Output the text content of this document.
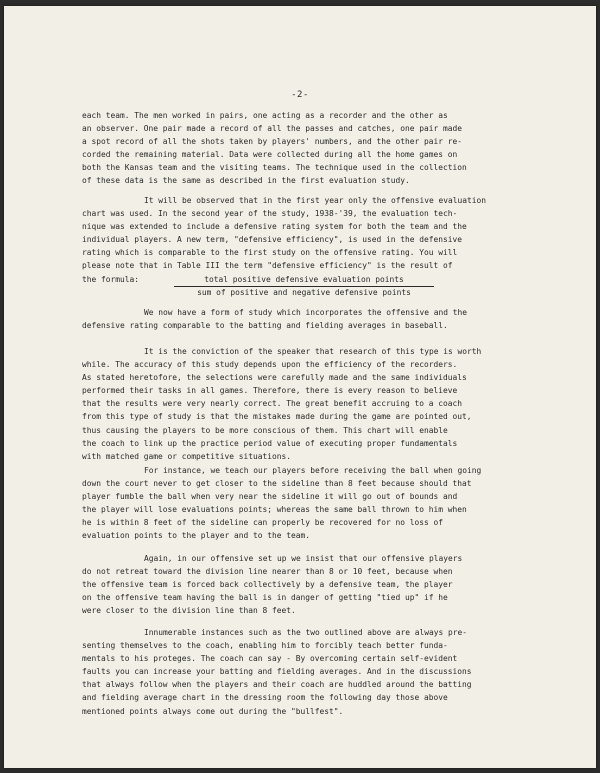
-2-
each team. The men worked in pairs, one acting as a recorder and the other as
an observer. One pair made a record of all the passes and catches, one pair made
a spot record of all the shots taken by players' numbers, and the other pair re-
corded the remaining material. Data were collected during all the home games on
both the Kansas team and the visiting teams. The technique used in the collection
of these data is the same as described in the first evaluation study.
It will be observed that in the first year only the offensive evaluation
chart was used. In the second year of the study, 1938-'39, the evaluation tech-
nique was extended to include a defensive rating system for both the team and the
individual players. A new term, "defensive efficiency", is used in the defensive
rating which is comparable to the first study on the offensive rating. You will
please note that in Table III the term "defensive efficiency" is the result of
the formula:	total positive defensive evaluation points
sum of positive and negative defensive points
We now have a form of study which incorporates the offensive and the
defensive rating comparable to the batting and fielding averages in baseball.
It is the conviction of the speaker that research of this type is worth
while. The accuracy of this study depends upon the efficiency of the recorders.
As stated heretofore, the selections were carefully made and the same individuals
performed their tasks in all games. Therefore, there is every reason to believe
that the results were very nearly correct. The great benefit accruing to a coach
from this type of study is that the mistakes made during the game are pointed out,
thus causing the players to be more conscious of them. This chart will enable
the coach to link up the practice period value of executing proper fundamentals
with matched game or competitive situations.
For instance, we teach our players before receiving the ball when going
down the court never to get closer to the sideline than 8 feet because should that
player fumble the ball when very near the sideline it will go out of bounds and
the player will lose evaluations points; whereas the same ball thrown to him when
he is within 8 feet of the sideline can properly be recovered for no loss of
evaluation points to the player and to the team.
Again, in our offensive set up we insist that our offensive players
do not retreat toward the division line nearer than 8 or 10 feet, because when
the offensive team is forced back collectively by a defensive team, the player
on the offensive team having the ball is in danger of getting "tied up" if he
were closer to the division line than 8 feet.
Innumerable instances such as the two outlined above are always pre-
senting themselves to the coach, enabling him to forcibly teach better funda-
mentals to his proteges. The coach can say - By overcoming certain self-evident
faults you can increase your batting and fielding averages. And in the discussions
that always follow when the players and their coach are huddled around the batting
and fielding average chart in the dressing room the following day those above
mentioned points always come out during the "bullfest".
